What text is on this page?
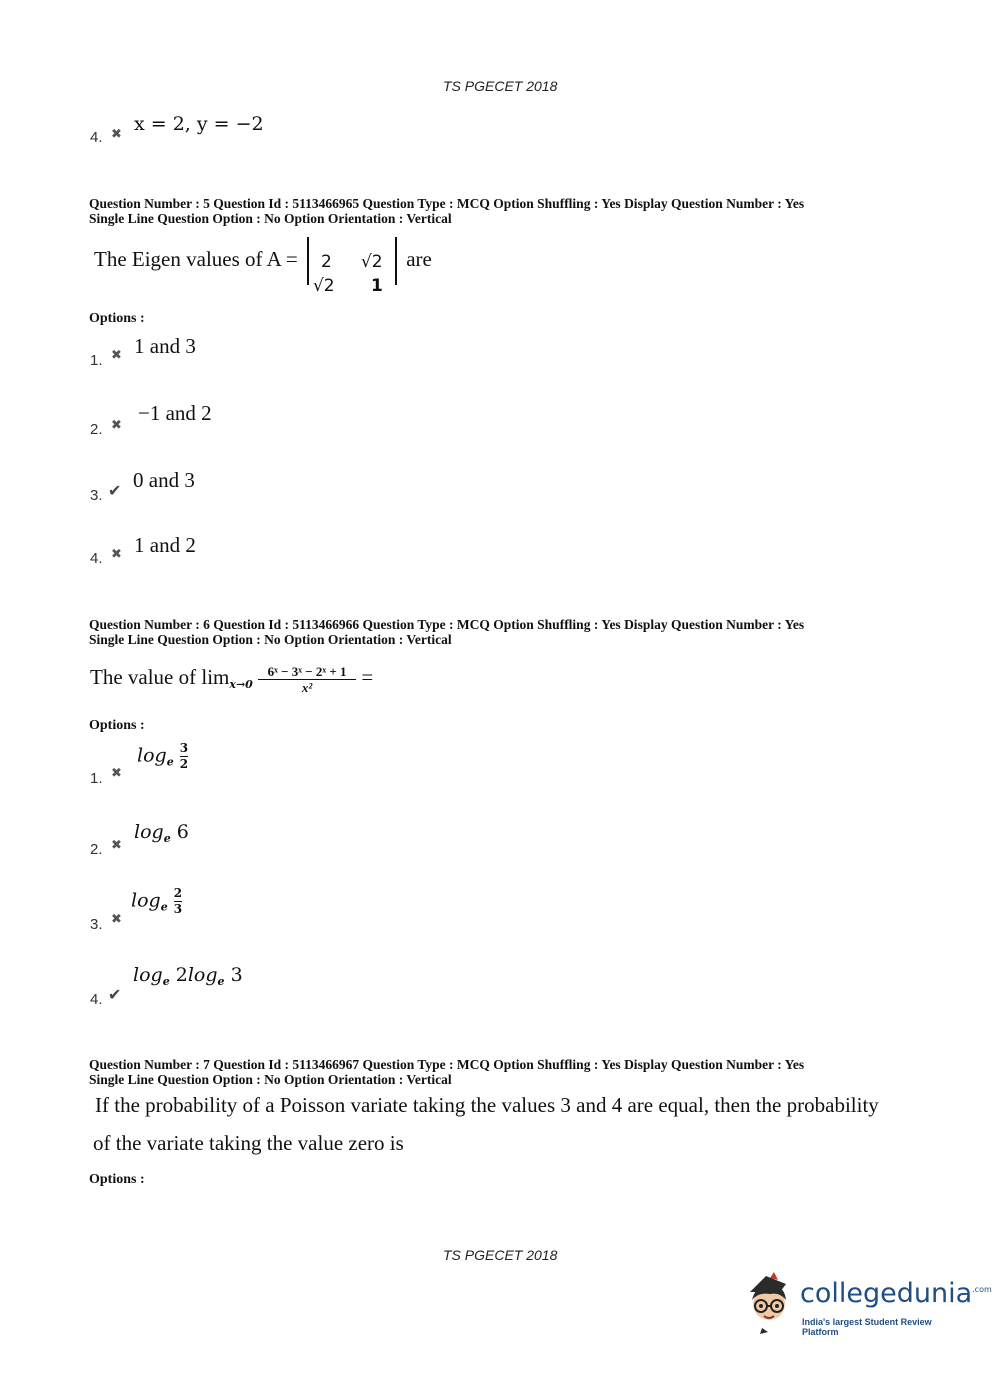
TS PGECET 2018
4. ✖ x = 2, y = −2
Question Number : 5 Question Id : 5113466965 Question Type : MCQ Option Shuffling : Yes Display Question Number : Yes
Single Line Question Option : No Option Orientation : Vertical
The Eigen values of A = 2 √2
√2 1
are
Options :
1. ✖ 1 and 3
2. ✖
−1 and 2
3. ✔ 0 and 3
4. ✖ 1 and 2
Question Number : 6 Question Id : 5113466966 Question Type : MCQ Option Shuffling : Yes Display Question Number : Yes
Single Line Question Option : No Option Orientation : Vertical
The value of $\lim_{x\to 0} \frac{\text{6ˣ − 3ˣ − 2ˣ + 1}}{\text{x²}}$ =
Options :
1. ✖
$\log_e \frac{3}{2}$
2. ✖
$\log_e 6$
3. ✖
$\log_e \frac{2}{3}$
4. ✔
$\log_e 2\log_e$ 3
Question Number : 7 Question Id : 5113466967 Question Type : MCQ Option Shuffling : Yes Display Question Number : Yes
Single Line Question Option : No Option Orientation : Vertical
If the probability of a Poisson variate taking the values 3 and 4 are equal, then the probability
of the variate taking the value zero is
Options :
TS PGECET 2018
collegedunia$^{.com}$
India's largest Student Review Platform
